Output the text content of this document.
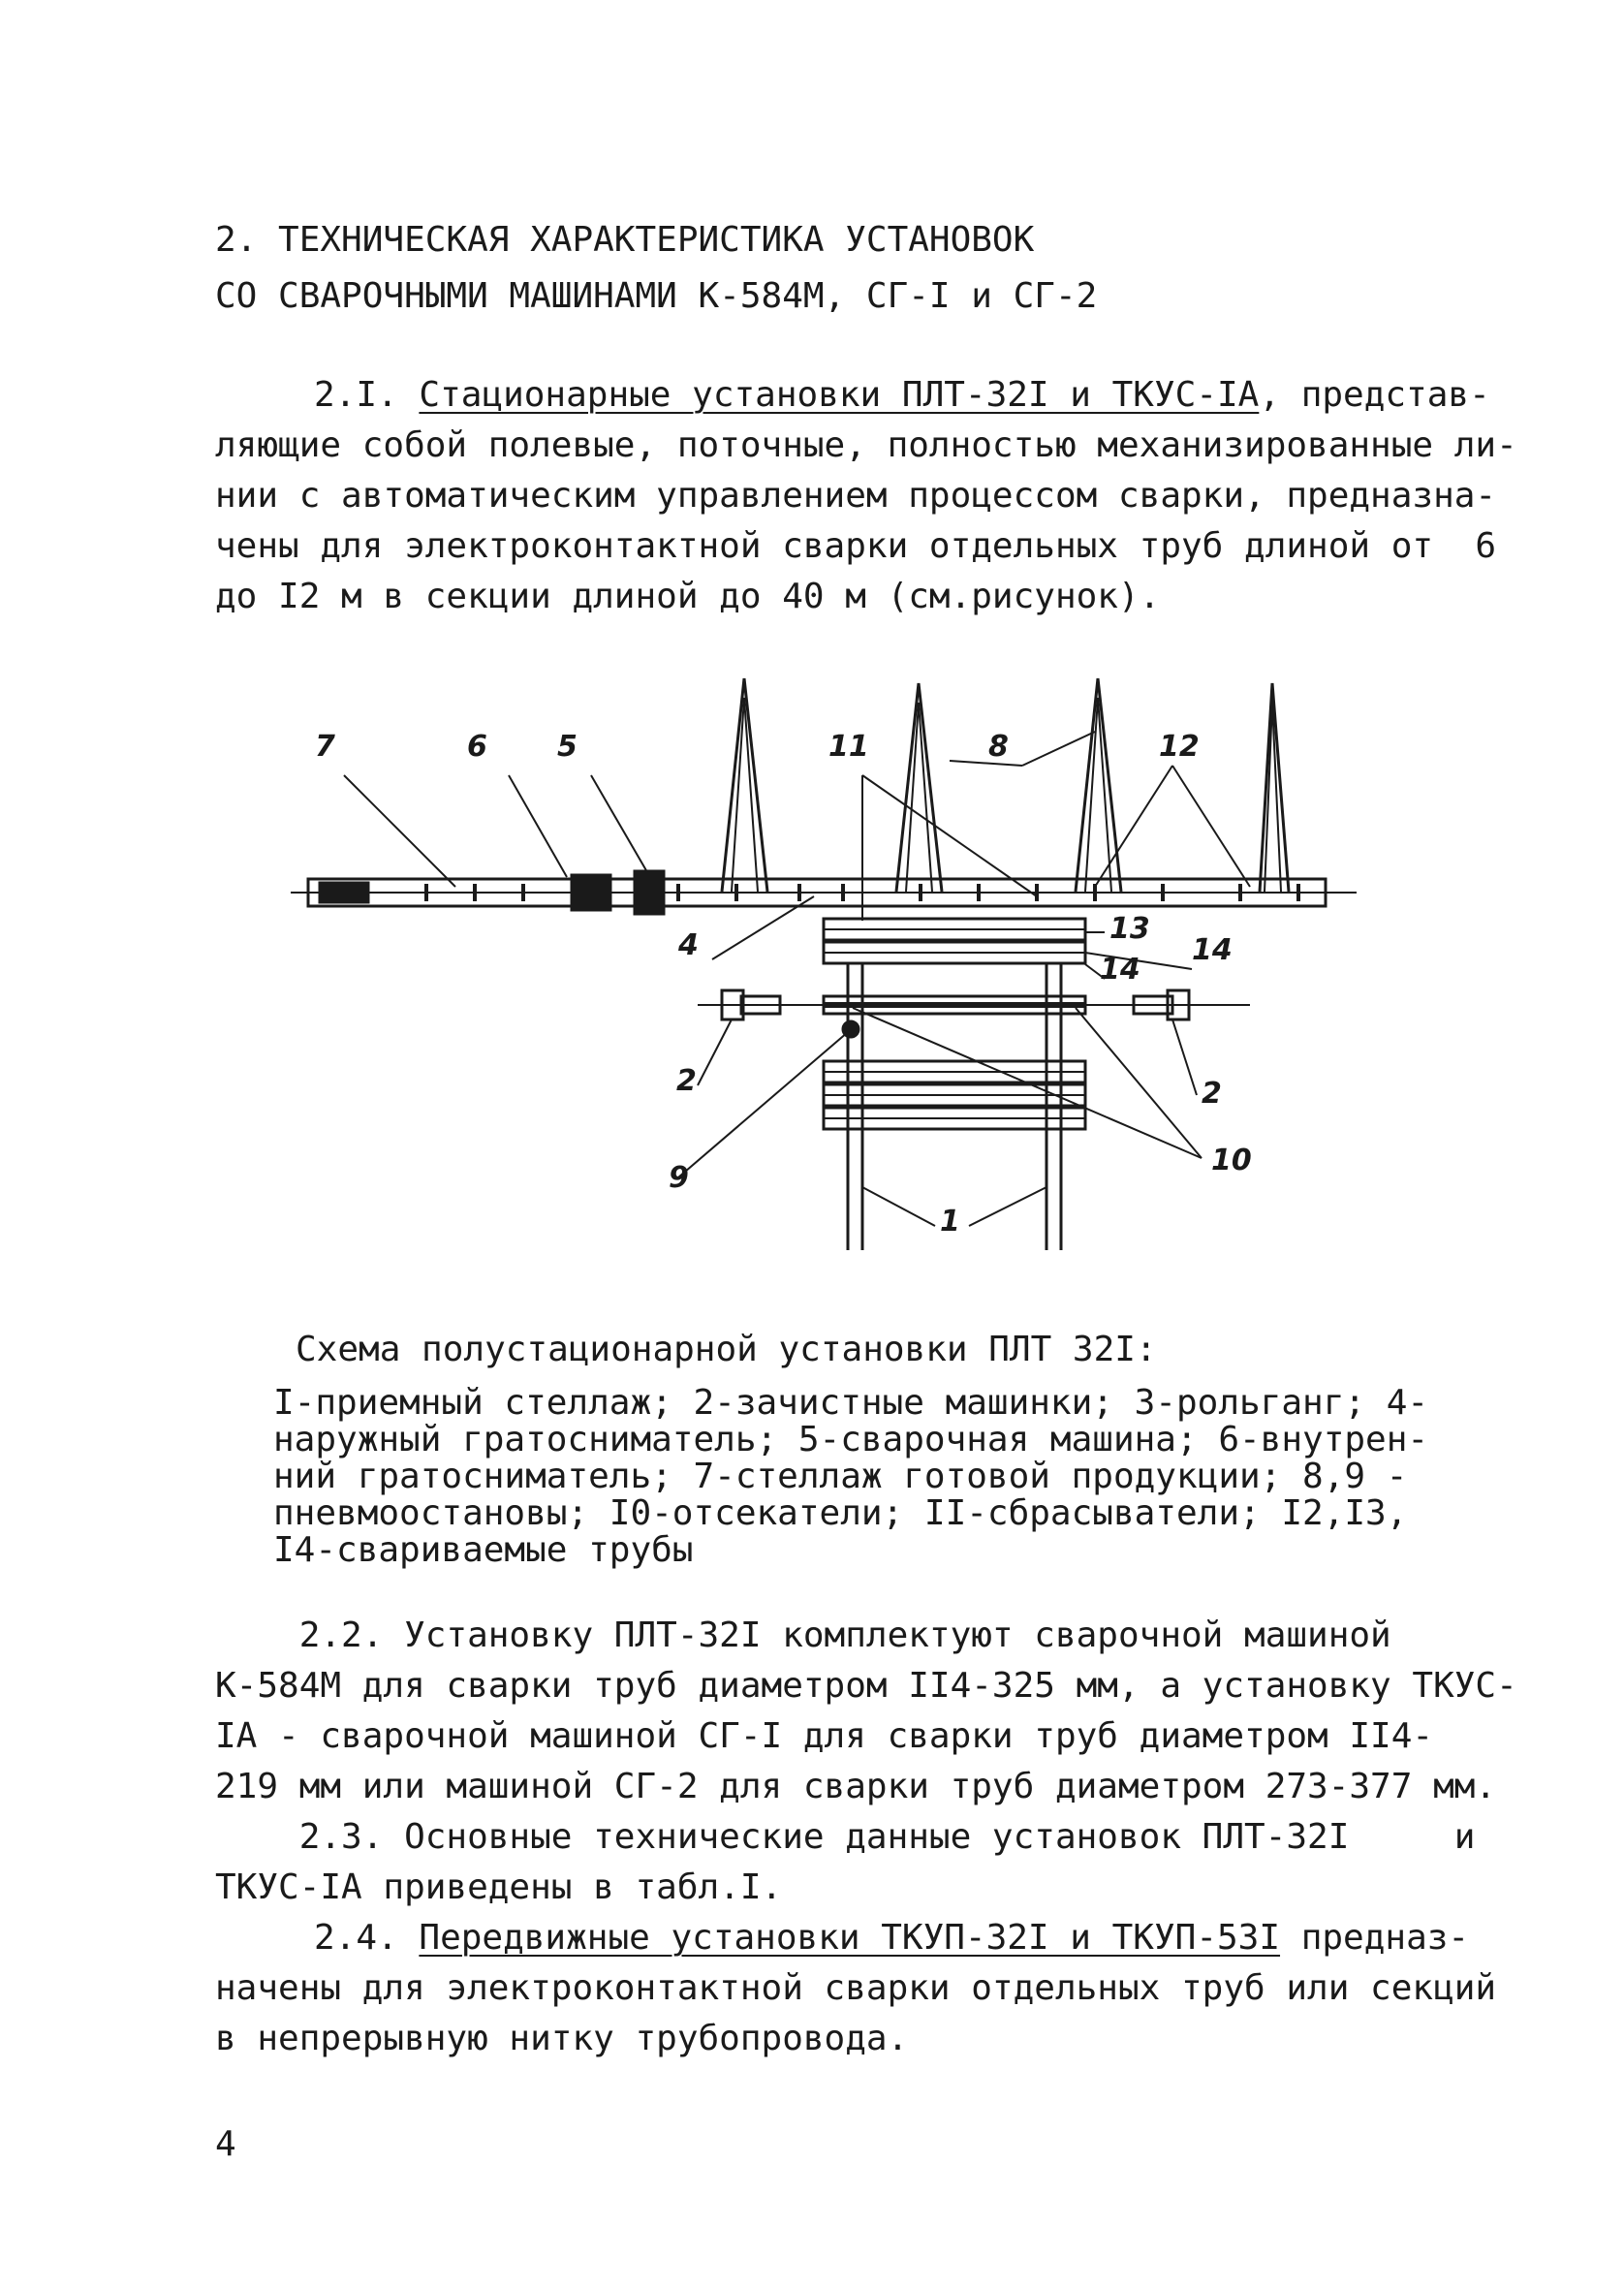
2. ТЕХНИЧЕСКАЯ ХАРАКТЕРИСТИКА УСТАНОВОК
СО СВАРОЧНЫМИ МАШИНАМИ К-584М, СГ-I и СГ-2
2.I. Стационарные установки ПЛТ-32I и ТКУС-IА, представ-
ляющие собой полевые, поточные, полностью механизированные ли-
нии с автоматическим управлением процессом сварки, предназна-
чены для электроконтактной сварки отдельных труб длиной от  6
до I2 м в секции длиной до 40 м (см.рисунок).
7	6 5	11	8	12
4	13
14
14
2	2
9
10
1
Схема полустационарной установки ПЛТ 32I:
I-приемный стеллаж; 2-зачистные машинки; 3-рольганг; 4-
наружный гратосниматель; 5-сварочная машина; 6-внутрен-
ний гратосниматель; 7-стеллаж готовой продукции; 8,9 -
пневмоостановы; I0-отсекатели; II-сбрасыватели; I2,I3,
I4-свариваемые трубы
2.2. Установку ПЛТ-32I комплектуют сварочной машиной
К-584М для сварки труб диаметром II4-325 мм, а установку ТКУС-
IА - сварочной машиной СГ-I для сварки труб диаметром II4-
219 мм или машиной СГ-2 для сварки труб диаметром 273-377 мм.
2.3. Основные технические данные установок ПЛТ-32I     и
ТКУС-IА приведены в табл.I.
2.4. Передвижные установки ТКУП-32I и ТКУП-53I предназ-
начены для электроконтактной сварки отдельных труб или секций
в непрерывную нитку трубопровода.
4
